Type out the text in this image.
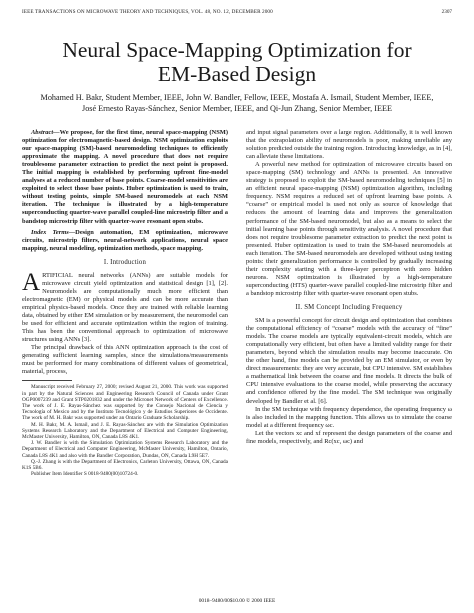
IEEE TRANSACTIONS ON MICROWAVE THEORY AND TECHNIQUES, VOL. 48, NO. 12, DECEMBER 2000	2307
Neural Space-Mapping Optimization for
EM-Based Design
Mohamed H. Bakr, Student Member, IEEE, John W. Bandler, Fellow, IEEE, Mostafa A. Ismail, Student Member, IEEE,
José Ernesto Rayas-Sánchez, Senior Member, IEEE, and Qi-Jun Zhang, Senior Member, IEEE

Abstract—We propose, for the first time, neural space-mapping (NSM) optimization for electromagnetic-based design. NSM optimization exploits our space-mapping (SM)-based neuromodeling techniques to efficiently approximate the mapping. A novel procedure that does not require troublesome parameter extraction to predict the next point is proposed. The initial mapping is established by performing upfront fine-model analyses at a reduced number of base points. Coarse-model sensitivities are exploited to select those base points. Huber optimization is used to train, without testing points, simple SM-based neuromodels at each NSM iteration. The technique is illustrated by a high-temperature superconducting quarter-wave parallel coupled-line microstrip filter and a bandstop microstrip filter with quarter-wave resonant open stubs.

Index Terms—Design automation, EM optimization, microwave circuits, microstrip filters, neural-network applications, neural space mapping, neural modeling, optimization methods, space mapping.

I. Introduction

ARTIFICIAL neural networks (ANNs) are suitable models for microwave circuit yield optimization and statistical design [1], [2]. Neuromodels are computationally much more efficient than electromagnetic (EM) or physical models and can be more accurate than empirical physics-based models. Once they are trained with reliable learning data, obtained by either EM simulation or by measurement, the neuromodel can be used for efficient and accurate optimization within the region of training. This has been the conventional approach to optimization of microwave structures using ANNs [3].

The principal drawback of this ANN optimization approach is the cost of generating sufficient learning samples, since the simulations/measurements must be performed for many combinations of different values of geometrical, material, process,

Manuscript received February 27, 2000; revised August 21, 2000. This work was supported in part by the Natural Sciences and Engineering Research Council of Canada under Grant OGP0007239 and Grant STP0201832 and under the Micronet Network of Centers of Excellence. The work of J. E. Rayas-Sánchez was supported by the Consejo Nacional de Ciencia y Tecnología of Mexico and by the Instituto Tecnológico y de Estudios Superiores de Occidente. The work of M. H. Bakr was supported under an Ontario Graduate Scholarship.

M. H. Bakr, M. A. Ismail, and J. E. Rayas-Sánchez are with the Simulation Optimization Systems Research Laboratory and the Department of Electrical and Computer Engineering, McMaster University, Hamilton, ON, Canada L8S 4K1.

J. W. Bandler is with the Simulation Optimization Systems Research Laboratory and the Department of Electrical and Computer Engineering, McMaster University, Hamilton, Ontario, Canada L8S 4K1 and also with the Bandler Corporation, Dundas, ON, Canada L9H 5E7.

Q.-J. Zhang is with the Department of Electronics, Carleton University, Ottawa, ON, Canada K1S 5B6.

Publisher Item Identifier S 0018-9480(00)10724-0.

and input signal parameters over a large region. Additionally, it is well known that the extrapolation ability of neuromodels is poor, making unreliable any solution predicted outside the training region. Introducing knowledge, as in [4], can alleviate these limitations.

A powerful new method for optimization of microwave circuits based on space-mapping (SM) technology and ANNs is presented. An innovative strategy is proposed to exploit the SM-based neuromodeling techniques [5] in an efficient neural space-mapping (NSM) optimization algorithm, including frequency. NSM requires a reduced set of upfront learning base points. A “coarse” or empirical model is used not only as source of knowledge that reduces the amount of learning data and improves the generalization performance of the SM-based neuromodel, but also as a means to select the initial learning base points through sensitivity analysis. A novel procedure that does not require troublesome parameter extraction to predict the next point is presented. Huber optimization is used to train the SM-based neuromodels at each iteration. The SM-based neuromodels are developed without using testing points: their generalization performance is controlled by gradually increasing their complexity starting with a three-layer perceptron with zero hidden neurons. NSM optimization is illustrated by a high-temperature superconducting (HTS) quarter-wave parallel coupled-line microstrip filter and a bandstop microstrip filter with quarter-wave resonant open stubs.

II. SM Concept Including Frequency

SM is a powerful concept for circuit design and optimization that combines the computational efficiency of “coarse” models with the accuracy of “fine” models. The coarse models are typically equivalent-circuit models, which are computationally very efficient, but often have a limited validity range for their parameters, beyond which the simulation results may become inaccurate. On the other hand, fine models can be provided by an EM simulator, or even by direct measurements: they are very accurate, but CPU intensive. SM establishes a mathematical link between the coarse and fine models. It directs the bulk of CPU intensive evaluations to the coarse model, while preserving the accuracy and confidence offered by the fine model. The SM technique was originally developed by Bandler et al. [6].

In the SM technique with frequency dependence, the operating frequency ω is also included in the mapping function. This allows us to simulate the coarse model at a different frequency ωc.

Let the vectors xc and xf represent the design parameters of the coarse and fine models, respectively, and Rc(xc, ωc) and

0018–9480/00$10.00 © 2000 IEEE
